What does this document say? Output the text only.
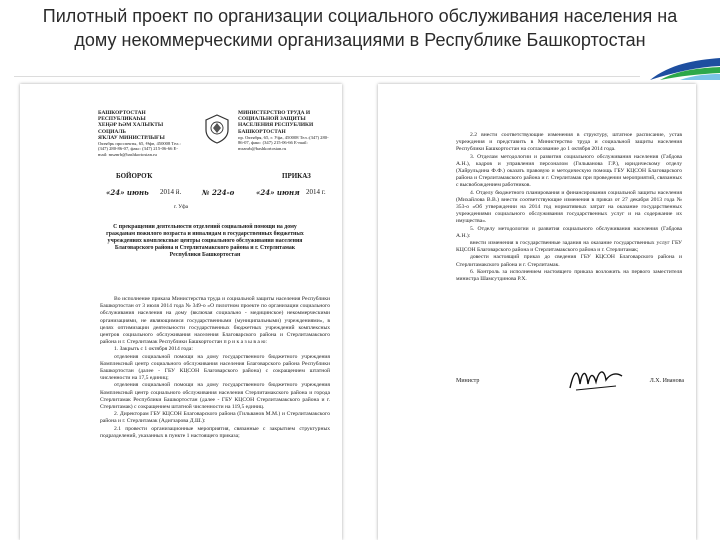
Пилотный проект по организации социального обслуживания населения на
дому некоммерческими организациями в Республике Башкортостан
БАШКОРТОСТАН РЕСПУБЛИКАҺЫ
ХЕҢӘР ҺӘМ ХАЛЫҠТЫ СОЦИАЛЬ
ЯҠЛАУ МИНИСТРЛЫҒЫ
Октябрь проспекты, 65, Өфө, 450008 Тел.:(347) 280-86-07, факс: (347) 215-06-66 E-mail: msznrb@bashkortostan.ru
МИНИСТЕРСТВО ТРУДА И
СОЦИАЛЬНОЙ ЗАЩИТЫ
НАСЕЛЕНИЯ РЕСПУБЛИКИ БАШКОРТОСТАН
пр. Октября, 65, г. Уфа, 450008 Тел.:(347) 280-86-07, факс: (347) 215-06-66 E-mail: msznrb@bashkortostan.ru
БОЙОРОҠ	ПРИКАЗ
«24» июнь 2014 й.	№ 224-о	«24» июня 2014 г.
г. Уфа
С прекращении деятельности отделений социальной помощи на дому гражданам пожилого возраста и инвалидам в государственных бюджетных учреждениях комплексные центры социального обслуживания населения Благоварского района и Стерлитамакского района и г. Стерлитамак Республики Башкортостан

Во исполнение приказа Министерства труда и социальной защиты населения Республики Башкортостан от 3 июля 2014 года № 349-о «О пилотном проекте по организации социального обслуживания населения на дому (включая социально - медицинское) некоммерческими организациями, не являющимися государственными (муниципальными) учреждениями», в целях оптимизации деятельности государственных бюджетных учреждений комплексных центров социального обслуживания населения Благоварского района и Стерлитамакского района и г. Стерлитамак Республики Башкортостан п р и к а з ы в а ю:

1. Закрыть с 1 октября 2014 года:

отделения социальной помощи на дому государственного бюджетного учреждения Комплексный центр социального обслуживания населения Благоварского района Республики Башкортостан (далее - ГБУ КЦСОН Благоварского района) с сокращением штатной численности на 17,5 единиц;

отделения социальной помощи на дому государственного бюджетного учреждения Комплексный центр социального обслуживания населения Стерлитамакского района и города Стерлитамак Республики Башкортостан (далее - ГБУ КЦСОН Стерлитамакского района и г. Стерлитамак) с сокращением штатной численности на 119,5 единиц.

2. Директорам ГБУ КЦСОН Благоварского района (Гильванов М.М.) и Стерлитамакского района и г. Стерлитамак (Адигзарова Д.Ш.):

2.1 провести организационные мероприятия, связанные с закрытием структурных подразделений, указанных в пункте 1 настоящего приказа;

2.2 внести соответствующие изменения в структуру, штатное расписание, устав учреждения и представить в Министерство труда и социальной защиты населения Республики Башкортостан на согласование до 1 октября 2014 года.

3. Отделам методологии и развития социального обслуживания населения (Габдова А.Н.), кадров и управления персоналом (Гильванова Г.Р.), юридическому отделу (Хайрульдина Ф.Ф.) оказать правовую и методическую помощь ГБУ КЦСОН Благоварского района и Стерлитамакского района и г. Стерлитамак при проведении мероприятий, связанных с высвобождением работников.

4. Отделу бюджетного планирования и финансирования социальной защиты населения (Михайлова В.В.) внести соответствующие изменения в приказ от 27 декабря 2013 года № 353-о «Об утверждении на 2014 год нормативных затрат на оказание государственных учреждениями социального обслуживания государственных услуг и на содержание их имущества».

5. Отделу методологии и развития социального обслуживания населения (Габдова А.Н.):

внести изменения в государственные задания на оказание государственных услуг ГБУ КЦСОН Благоварского района и Стерлитамакского района и г. Стерлитамак;

довести настоящий приказ до сведения ГБУ КЦСОН Благоварского района и Стерлитамакского района и г. Стерлитамак.

6. Контроль за исполнением настоящего приказа возложить на первого заместителя министра Шамсутдинова Р.Х.

Министр	Л.Х. Иванова
